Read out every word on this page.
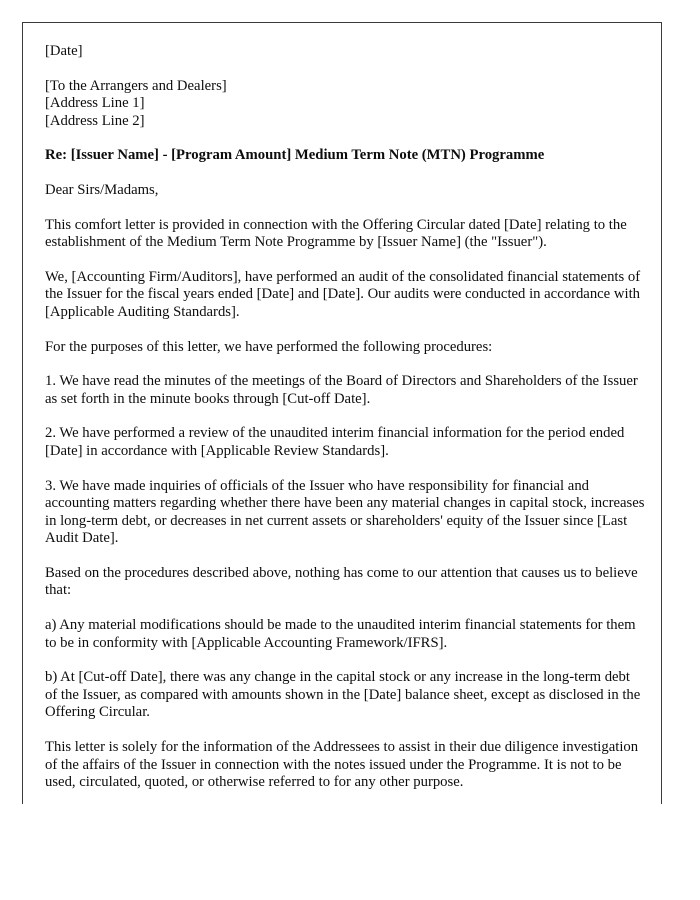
[Date]

[To the Arrangers and Dealers]
[Address Line 1]
[Address Line 2]

Re: [Issuer Name] - [Program Amount] Medium Term Note (MTN) Programme

Dear Sirs/Madams,

This comfort letter is provided in connection with the Offering Circular dated [Date] relating to the establishment of the Medium Term Note Programme by [Issuer Name] (the "Issuer").

We, [Accounting Firm/Auditors], have performed an audit of the consolidated financial statements of the Issuer for the fiscal years ended [Date] and [Date]. Our audits were conducted in accordance with [Applicable Auditing Standards].

For the purposes of this letter, we have performed the following procedures:

1. We have read the minutes of the meetings of the Board of Directors and Shareholders of the Issuer as set forth in the minute books through [Cut-off Date].

2. We have performed a review of the unaudited interim financial information for the period ended [Date] in accordance with [Applicable Review Standards].

3. We have made inquiries of officials of the Issuer who have responsibility for financial and accounting matters regarding whether there have been any material changes in capital stock, increases in long-term debt, or decreases in net current assets or shareholders' equity of the Issuer since [Last Audit Date].

Based on the procedures described above, nothing has come to our attention that causes us to believe that:

a) Any material modifications should be made to the unaudited interim financial statements for them to be in conformity with [Applicable Accounting Framework/IFRS].

b) At [Cut-off Date], there was any change in the capital stock or any increase in the long-term debt of the Issuer, as compared with amounts shown in the [Date] balance sheet, except as disclosed in the Offering Circular.

This letter is solely for the information of the Addressees to assist in their due diligence investigation of the affairs of the Issuer in connection with the notes issued under the Programme. It is not to be used, circulated, quoted, or otherwise referred to for any other purpose.
